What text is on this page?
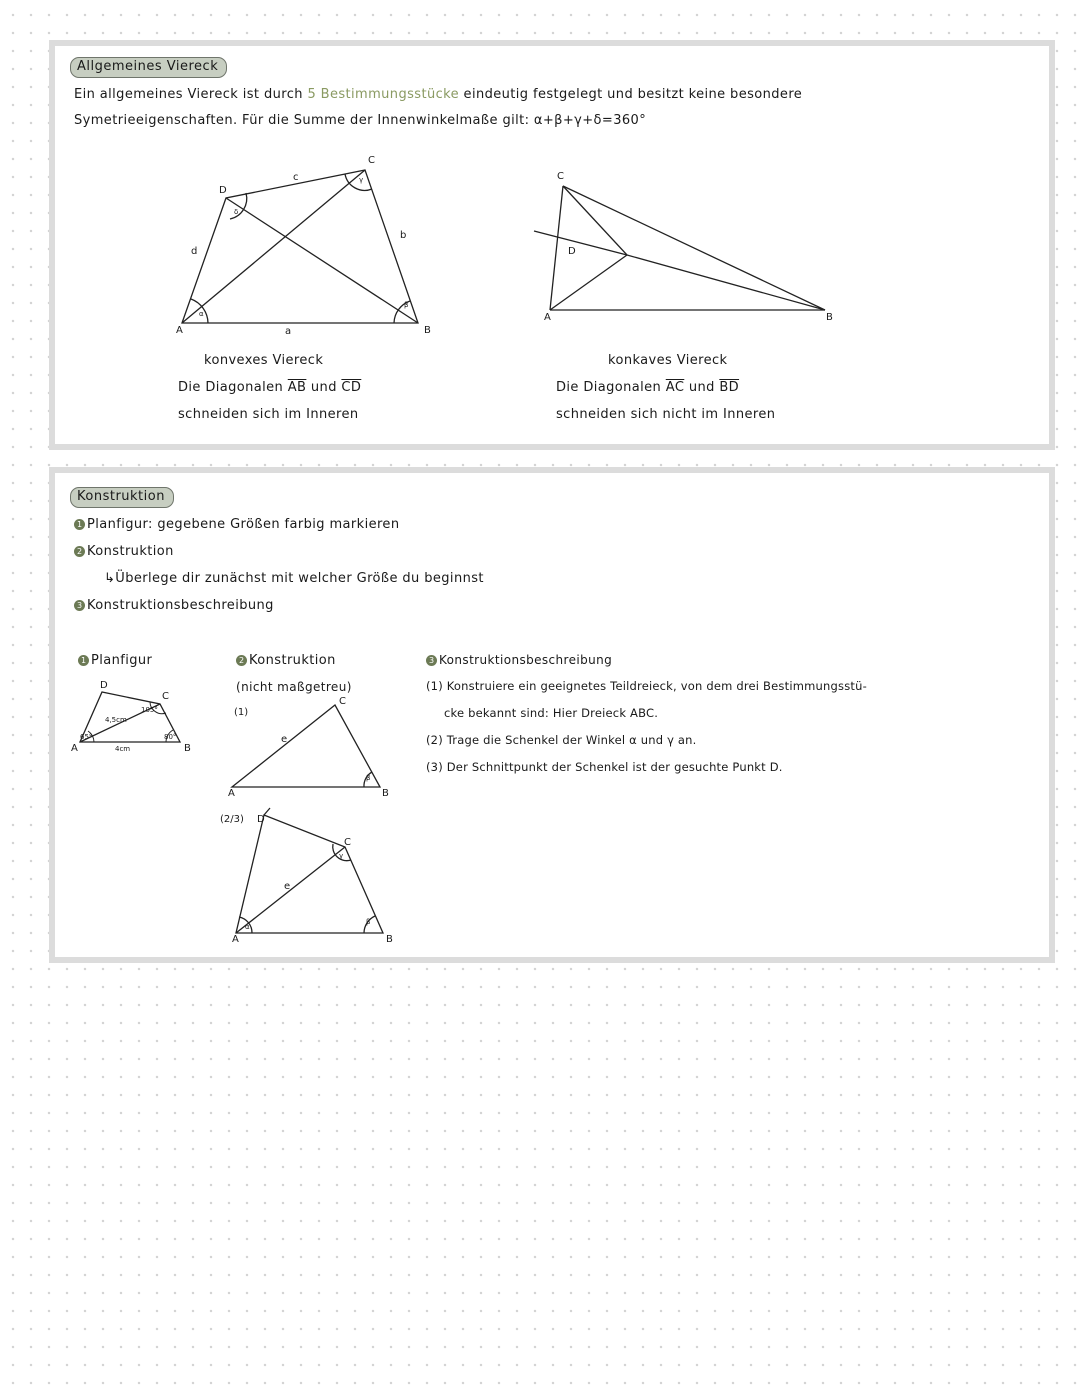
Allgemeines Viereck
Ein allgemeines Viereck ist durch 5 Bestimmungsstücke eindeutig festgelegt und besitzt keine besondere
Symetrieeigenschaften. Für die Summe der Innenwinkelmaße gilt: α+β+γ+δ=360°
A	B
C
D
a
b
c
d
α
β
γ
δ
konvexes Viereck
Die Diagonalen $\overline{AB}$ und $\overline{CD}$
schneiden sich im Inneren
A	B
C
D
konkaves Viereck
Die Diagonalen $\overline{AC}$ und $\overline{BD}$
schneiden sich nicht im Inneren
Konstruktion
1 Planfigur: gegebene Größen farbig markieren
2 Konstruktion
↳Überlege dir zunächst mit welcher Größe du beginnst
3 Konstruktionsbeschreibung
1 Planfigur
A	B
C
D
4cm
4,5cm
65°	80°
105°
2 Konstruktion
(nicht maßgetreu)
(1)
A	B
C
e
β
(2/3) D
A	B
C
e
α
β
γ
3 Konstruktionsbeschreibung
(1) Konstruiere ein geeignetes Teildreieck, von dem drei Bestimmungsstü-
cke bekannt sind: Hier Dreieck ABC.
(2) Trage die Schenkel der Winkel α und γ an.
(3) Der Schnittpunkt der Schenkel ist der gesuchte Punkt D.
